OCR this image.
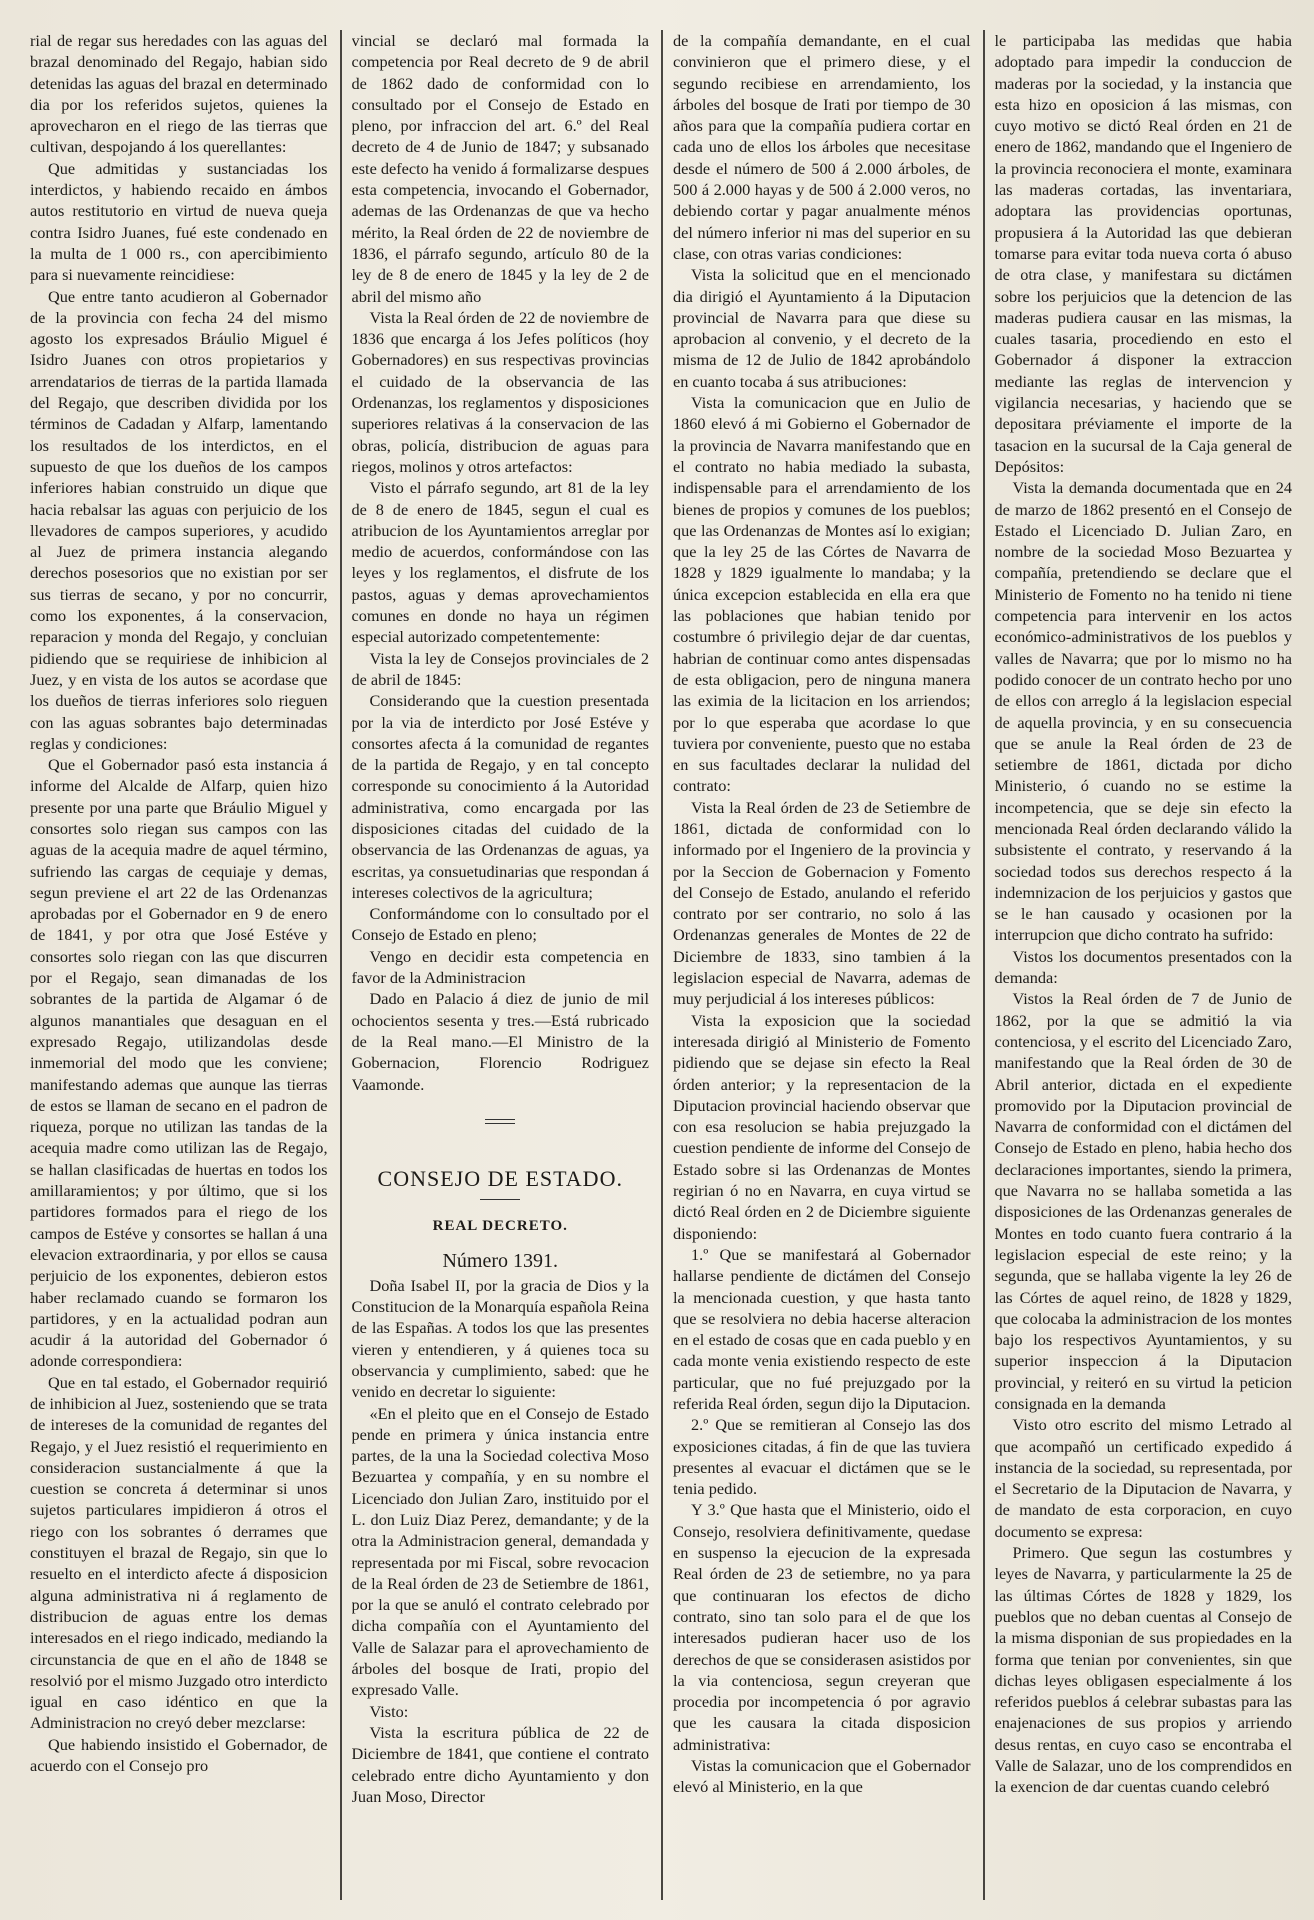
rial de regar sus heredades con las aguas del brazal denominado del Regajo, habian sido detenidas las aguas del brazal en determinado dia por los referidos sujetos, quienes la aprovecharon en el riego de las tierras que cultivan, despojando á los querellantes:

Que admitidas y sustanciadas los interdictos, y habiendo recaido en ámbos autos restitutorio en virtud de nueva queja contra Isidro Juanes, fué este condenado en la multa de 1 000 rs., con apercibimiento para si nuevamente reincidiese:

Que entre tanto acudieron al Gobernador de la provincia con fecha 24 del mismo agosto los expresados Bráulio Miguel é Isidro Juanes con otros propietarios y arrendatarios de tierras de la partida llamada del Regajo, que describen dividida por los términos de Cadadan y Alfarp, lamentando los resultados de los interdictos, en el supuesto de que los dueños de los campos inferiores habian construido un dique que hacia rebalsar las aguas con perjuicio de los llevadores de campos superiores, y acudido al Juez de primera instancia alegando derechos posesorios que no existian por ser sus tierras de secano, y por no concurrir, como los exponentes, á la conservacion, reparacion y monda del Regajo, y concluian pidiendo que se requiriese de inhibicion al Juez, y en vista de los autos se acordase que los dueños de tierras inferiores solo rieguen con las aguas sobrantes bajo determinadas reglas y condiciones:

Que el Gobernador pasó esta instancia á informe del Alcalde de Alfarp, quien hizo presente por una parte que Bráulio Miguel y consortes solo riegan sus campos con las aguas de la acequia madre de aquel término, sufriendo las cargas de cequiaje y demas, segun previene el art 22 de las Ordenanzas aprobadas por el Gobernador en 9 de enero de 1841, y por otra que José Estéve y consortes solo riegan con las que discurren por el Regajo, sean dimanadas de los sobrantes de la partida de Algamar ó de algunos manantiales que desaguan en el expresado Regajo, utilizandolas desde inmemorial del modo que les conviene; manifestando ademas que aunque las tierras de estos se llaman de secano en el padron de riqueza, porque no utilizan las tandas de la acequia madre como utilizan las de Regajo, se hallan clasificadas de huertas en todos los amillaramientos; y por último, que si los partidores formados para el riego de los campos de Estéve y consortes se hallan á una elevacion extraordinaria, y por ellos se causa perjuicio de los exponentes, debieron estos haber reclamado cuando se formaron los partidores, y en la actualidad podran aun acudir á la autoridad del Gobernador ó adonde correspondiera:

Que en tal estado, el Gobernador requirió de inhibicion al Juez, sosteniendo que se trata de intereses de la comunidad de regantes del Regajo, y el Juez resistió el requerimiento en consideracion sustancialmente á que la cuestion se concreta á determinar si unos sujetos particulares impidieron á otros el riego con los sobrantes ó derrames que constituyen el brazal de Regajo, sin que lo resuelto en el interdicto afecte á disposicion alguna administrativa ni á reglamento de distribucion de aguas entre los demas interesados en el riego indicado, mediando la circunstancia de que en el año de 1848 se resolvió por el mismo Juzgado otro interdicto igual en caso idéntico en que la Administracion no creyó deber mezclarse:

Que habiendo insistido el Gobernador, de acuerdo con el Consejo pro

vincial se declaró mal formada la competencia por Real decreto de 9 de abril de 1862 dado de conformidad con lo consultado por el Consejo de Estado en pleno, por infraccion del art. 6.º del Real decreto de 4 de Junio de 1847; y subsanado este defecto ha venido á formalizarse despues esta competencia, invocando el Gobernador, ademas de las Ordenanzas de que va hecho mérito, la Real órden de 22 de noviembre de 1836, el párrafo segundo, artículo 80 de la ley de 8 de enero de 1845 y la ley de 2 de abril del mismo año

Vista la Real órden de 22 de noviembre de 1836 que encarga á los Jefes políticos (hoy Gobernadores) en sus respectivas provincias el cuidado de la observancia de las Ordenanzas, los reglamentos y disposiciones superiores relativas á la conservacion de las obras, policía, distribucion de aguas para riegos, molinos y otros artefactos:

Visto el párrafo segundo, art 81 de la ley de 8 de enero de 1845, segun el cual es atribucion de los Ayuntamientos arreglar por medio de acuerdos, conformándose con las leyes y los reglamentos, el disfrute de los pastos, aguas y demas aprovechamientos comunes en donde no haya un régimen especial autorizado competentemente:

Vista la ley de Consejos provinciales de 2 de abril de 1845:

Considerando que la cuestion presentada por la via de interdicto por José Estéve y consortes afecta á la comunidad de regantes de la partida de Regajo, y en tal concepto corresponde su conocimiento á la Autoridad administrativa, como encargada por las disposiciones citadas del cuidado de la observancia de las Ordenanzas de aguas, ya escritas, ya consuetudinarias que respondan á intereses colectivos de la agricultura;

Conformándome con lo consultado por el Consejo de Estado en pleno;

Vengo en decidir esta competencia en favor de la Administracion

Dado en Palacio á diez de junio de mil ochocientos sesenta y tres.—Está rubricado de la Real mano.—El Ministro de la Gobernacion, Florencio Rodriguez Vaamonde.

CONSEJO DE ESTADO.
REAL DECRETO.
Número 1391.

Doña Isabel II, por la gracia de Dios y la Constitucion de la Monarquía española Reina de las Españas. A todos los que las presentes vieren y entendieren, y á quienes toca su observancia y cumplimiento, sabed: que he venido en decretar lo siguiente:

«En el pleito que en el Consejo de Estado pende en primera y única instancia entre partes, de la una la Sociedad colectiva Moso Bezuartea y compañía, y en su nombre el Licenciado don Julian Zaro, instituido por el L. don Luiz Diaz Perez, demandante; y de la otra la Administracion general, demandada y representada por mi Fiscal, sobre revocacion de la Real órden de 23 de Setiembre de 1861, por la que se anuló el contrato celebrado por dicha compañía con el Ayuntamiento del Valle de Salazar para el aprovechamiento de árboles del bosque de Irati, propio del expresado Valle.

Visto:

Vista la escritura pública de 22 de Diciembre de 1841, que contiene el contrato celebrado entre dicho Ayuntamiento y don Juan Moso, Director

de la compañía demandante, en el cual convinieron que el primero diese, y el segundo recibiese en arrendamiento, los árboles del bosque de Irati por tiempo de 30 años para que la compañía pudiera cortar en cada uno de ellos los árboles que necesitase desde el número de 500 á 2.000 árboles, de 500 á 2.000 hayas y de 500 á 2.000 veros, no debiendo cortar y pagar anualmente ménos del número inferior ni mas del superior en su clase, con otras varias condiciones:

Vista la solicitud que en el mencionado dia dirigió el Ayuntamiento á la Diputacion provincial de Navarra para que diese su aprobacion al convenio, y el decreto de la misma de 12 de Julio de 1842 aprobándolo en cuanto tocaba á sus atribuciones:

Vista la comunicacion que en Julio de 1860 elevó á mi Gobierno el Gobernador de la provincia de Navarra manifestando que en el contrato no habia mediado la subasta, indispensable para el arrendamiento de los bienes de propios y comunes de los pueblos; que las Ordenanzas de Montes así lo exigian; que la ley 25 de las Córtes de Navarra de 1828 y 1829 igualmente lo mandaba; y la única excepcion establecida en ella era que las poblaciones que habian tenido por costumbre ó privilegio dejar de dar cuentas, habrian de continuar como antes dispensadas de esta obligacion, pero de ninguna manera las eximia de la licitacion en los arriendos; por lo que esperaba que acordase lo que tuviera por conveniente, puesto que no estaba en sus facultades declarar la nulidad del contrato:

Vista la Real órden de 23 de Setiembre de 1861, dictada de conformidad con lo informado por el Ingeniero de la provincia y por la Seccion de Gobernacion y Fomento del Consejo de Estado, anulando el referido contrato por ser contrario, no solo á las Ordenanzas generales de Montes de 22 de Diciembre de 1833, sino tambien á la legislacion especial de Navarra, ademas de muy perjudicial á los intereses públicos:

Vista la exposicion que la sociedad interesada dirigió al Ministerio de Fomento pidiendo que se dejase sin efecto la Real órden anterior; y la representacion de la Diputacion provincial haciendo observar que con esa resolucion se habia prejuzgado la cuestion pendiente de informe del Consejo de Estado sobre si las Ordenanzas de Montes regirian ó no en Navarra, en cuya virtud se dictó Real órden en 2 de Diciembre siguiente disponiendo:

1.º Que se manifestará al Gobernador hallarse pendiente de dictámen del Consejo la mencionada cuestion, y que hasta tanto que se resolviera no debia hacerse alteracion en el estado de cosas que en cada pueblo y en cada monte venia existiendo respecto de este particular, que no fué prejuzgado por la referida Real órden, segun dijo la Diputacion.

2.º Que se remitieran al Consejo las dos exposiciones citadas, á fin de que las tuviera presentes al evacuar el dictámen que se le tenia pedido.

Y 3.º Que hasta que el Ministerio, oido el Consejo, resolviera definitivamente, quedase en suspenso la ejecucion de la expresada Real órden de 23 de setiembre, no ya para que continuaran los efectos de dicho contrato, sino tan solo para el de que los interesados pudieran hacer uso de los derechos de que se considerasen asistidos por la via contenciosa, segun creyeran que procedia por incompetencia ó por agravio que les causara la citada disposicion administrativa:

Vistas la comunicacion que el Gobernador elevó al Ministerio, en la que

le participaba las medidas que habia adoptado para impedir la conduccion de maderas por la sociedad, y la instancia que esta hizo en oposicion á las mismas, con cuyo motivo se dictó Real órden en 21 de enero de 1862, mandando que el Ingeniero de la provincia reconociera el monte, examinara las maderas cortadas, las inventariara, adoptara las providencias oportunas, propusiera á la Autoridad las que debieran tomarse para evitar toda nueva corta ó abuso de otra clase, y manifestara su dictámen sobre los perjuicios que la detencion de las maderas pudiera causar en las mismas, la cuales tasaria, procediendo en esto el Gobernador á disponer la extraccion mediante las reglas de intervencion y vigilancia necesarias, y haciendo que se depositara préviamente el importe de la tasacion en la sucursal de la Caja general de Depósitos:

Vista la demanda documentada que en 24 de marzo de 1862 presentó en el Consejo de Estado el Licenciado D. Julian Zaro, en nombre de la sociedad Moso Bezuartea y compañía, pretendiendo se declare que el Ministerio de Fomento no ha tenido ni tiene competencia para intervenir en los actos económico-administrativos de los pueblos y valles de Navarra; que por lo mismo no ha podido conocer de un contrato hecho por uno de ellos con arreglo á la legislacion especial de aquella provincia, y en su consecuencia que se anule la Real órden de 23 de setiembre de 1861, dictada por dicho Ministerio, ó cuando no se estime la incompetencia, que se deje sin efecto la mencionada Real órden declarando válido la subsistente el contrato, y reservando á la sociedad todos sus derechos respecto á la indemnizacion de los perjuicios y gastos que se le han causado y ocasionen por la interrupcion que dicho contrato ha sufrido:

Vistos los documentos presentados con la demanda:

Vistos la Real órden de 7 de Junio de 1862, por la que se admitió la via contenciosa, y el escrito del Licenciado Zaro, manifestando que la Real órden de 30 de Abril anterior, dictada en el expediente promovido por la Diputacion provincial de Navarra de conformidad con el dictámen del Consejo de Estado en pleno, habia hecho dos declaraciones importantes, siendo la primera, que Navarra no se hallaba sometida a las disposiciones de las Ordenanzas generales de Montes en todo cuanto fuera contrario á la legislacion especial de este reino; y la segunda, que se hallaba vigente la ley 26 de las Córtes de aquel reino, de 1828 y 1829, que colocaba la administracion de los montes bajo los respectivos Ayuntamientos, y su superior inspeccion á la Diputacion provincial, y reiteró en su virtud la peticion consignada en la demanda

Visto otro escrito del mismo Letrado al que acompañó un certificado expedido á instancia de la sociedad, su representada, por el Secretario de la Diputacion de Navarra, y de mandato de esta corporacion, en cuyo documento se expresa:

Primero. Que segun las costumbres y leyes de Navarra, y particularmente la 25 de las últimas Córtes de 1828 y 1829, los pueblos que no deban cuentas al Consejo de la misma disponian de sus propiedades en la forma que tenian por convenientes, sin que dichas leyes obligasen especialmente á los referidos pueblos á celebrar subastas para las enajenaciones de sus propios y arriendo desus rentas, en cuyo caso se encontraba el Valle de Salazar, uno de los comprendidos en la exencion de dar cuentas cuando celebró
